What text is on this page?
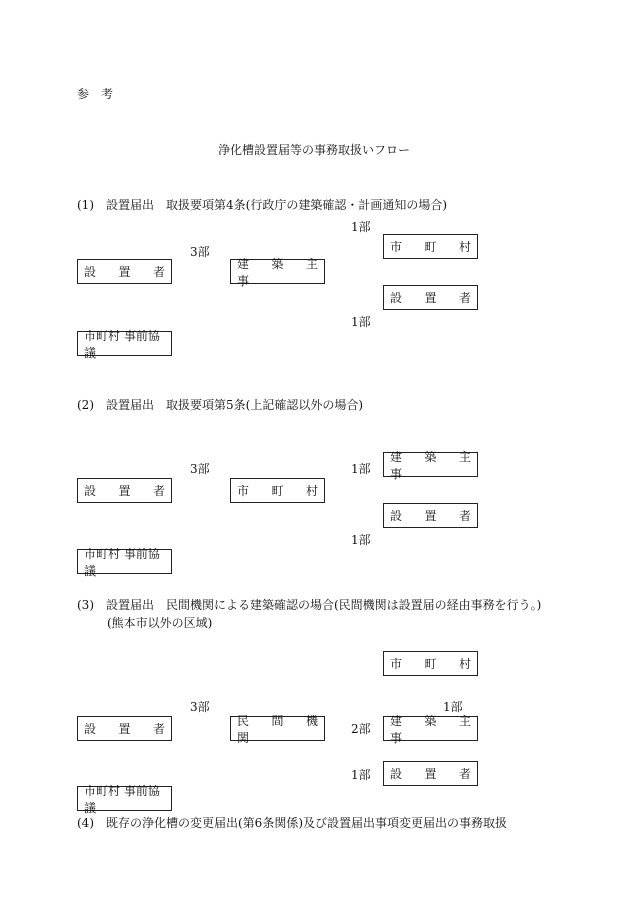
参　考
浄化槽設置届等の事務取扱いフロー
(1)　設置届出　取扱要項第4条(行政庁の建築確認・計画通知の場合)
1部
3部	市　町　村
設　置　者
建　築　主　事
設　置　者
1部
市町村 事前協議
(2)　設置届出　取扱要項第5条(上記確認以外の場合)
建　築　主　事
3部	1部
設　置　者	市　町　村
設　置　者
1部
市町村 事前協議
(3)　設置届出　民間機関による建築確認の場合(民間機関は設置届の経由事務を行う。)
(熊本市以外の区域)
市　町　村
3部	1部
設　置　者
民　間　機　関
2部
建　築　主　事
1部 設　置　者
市町村 事前協議
(4)　既存の浄化槽の変更届出(第6条関係)及び設置届出事項変更届出の事務取扱
